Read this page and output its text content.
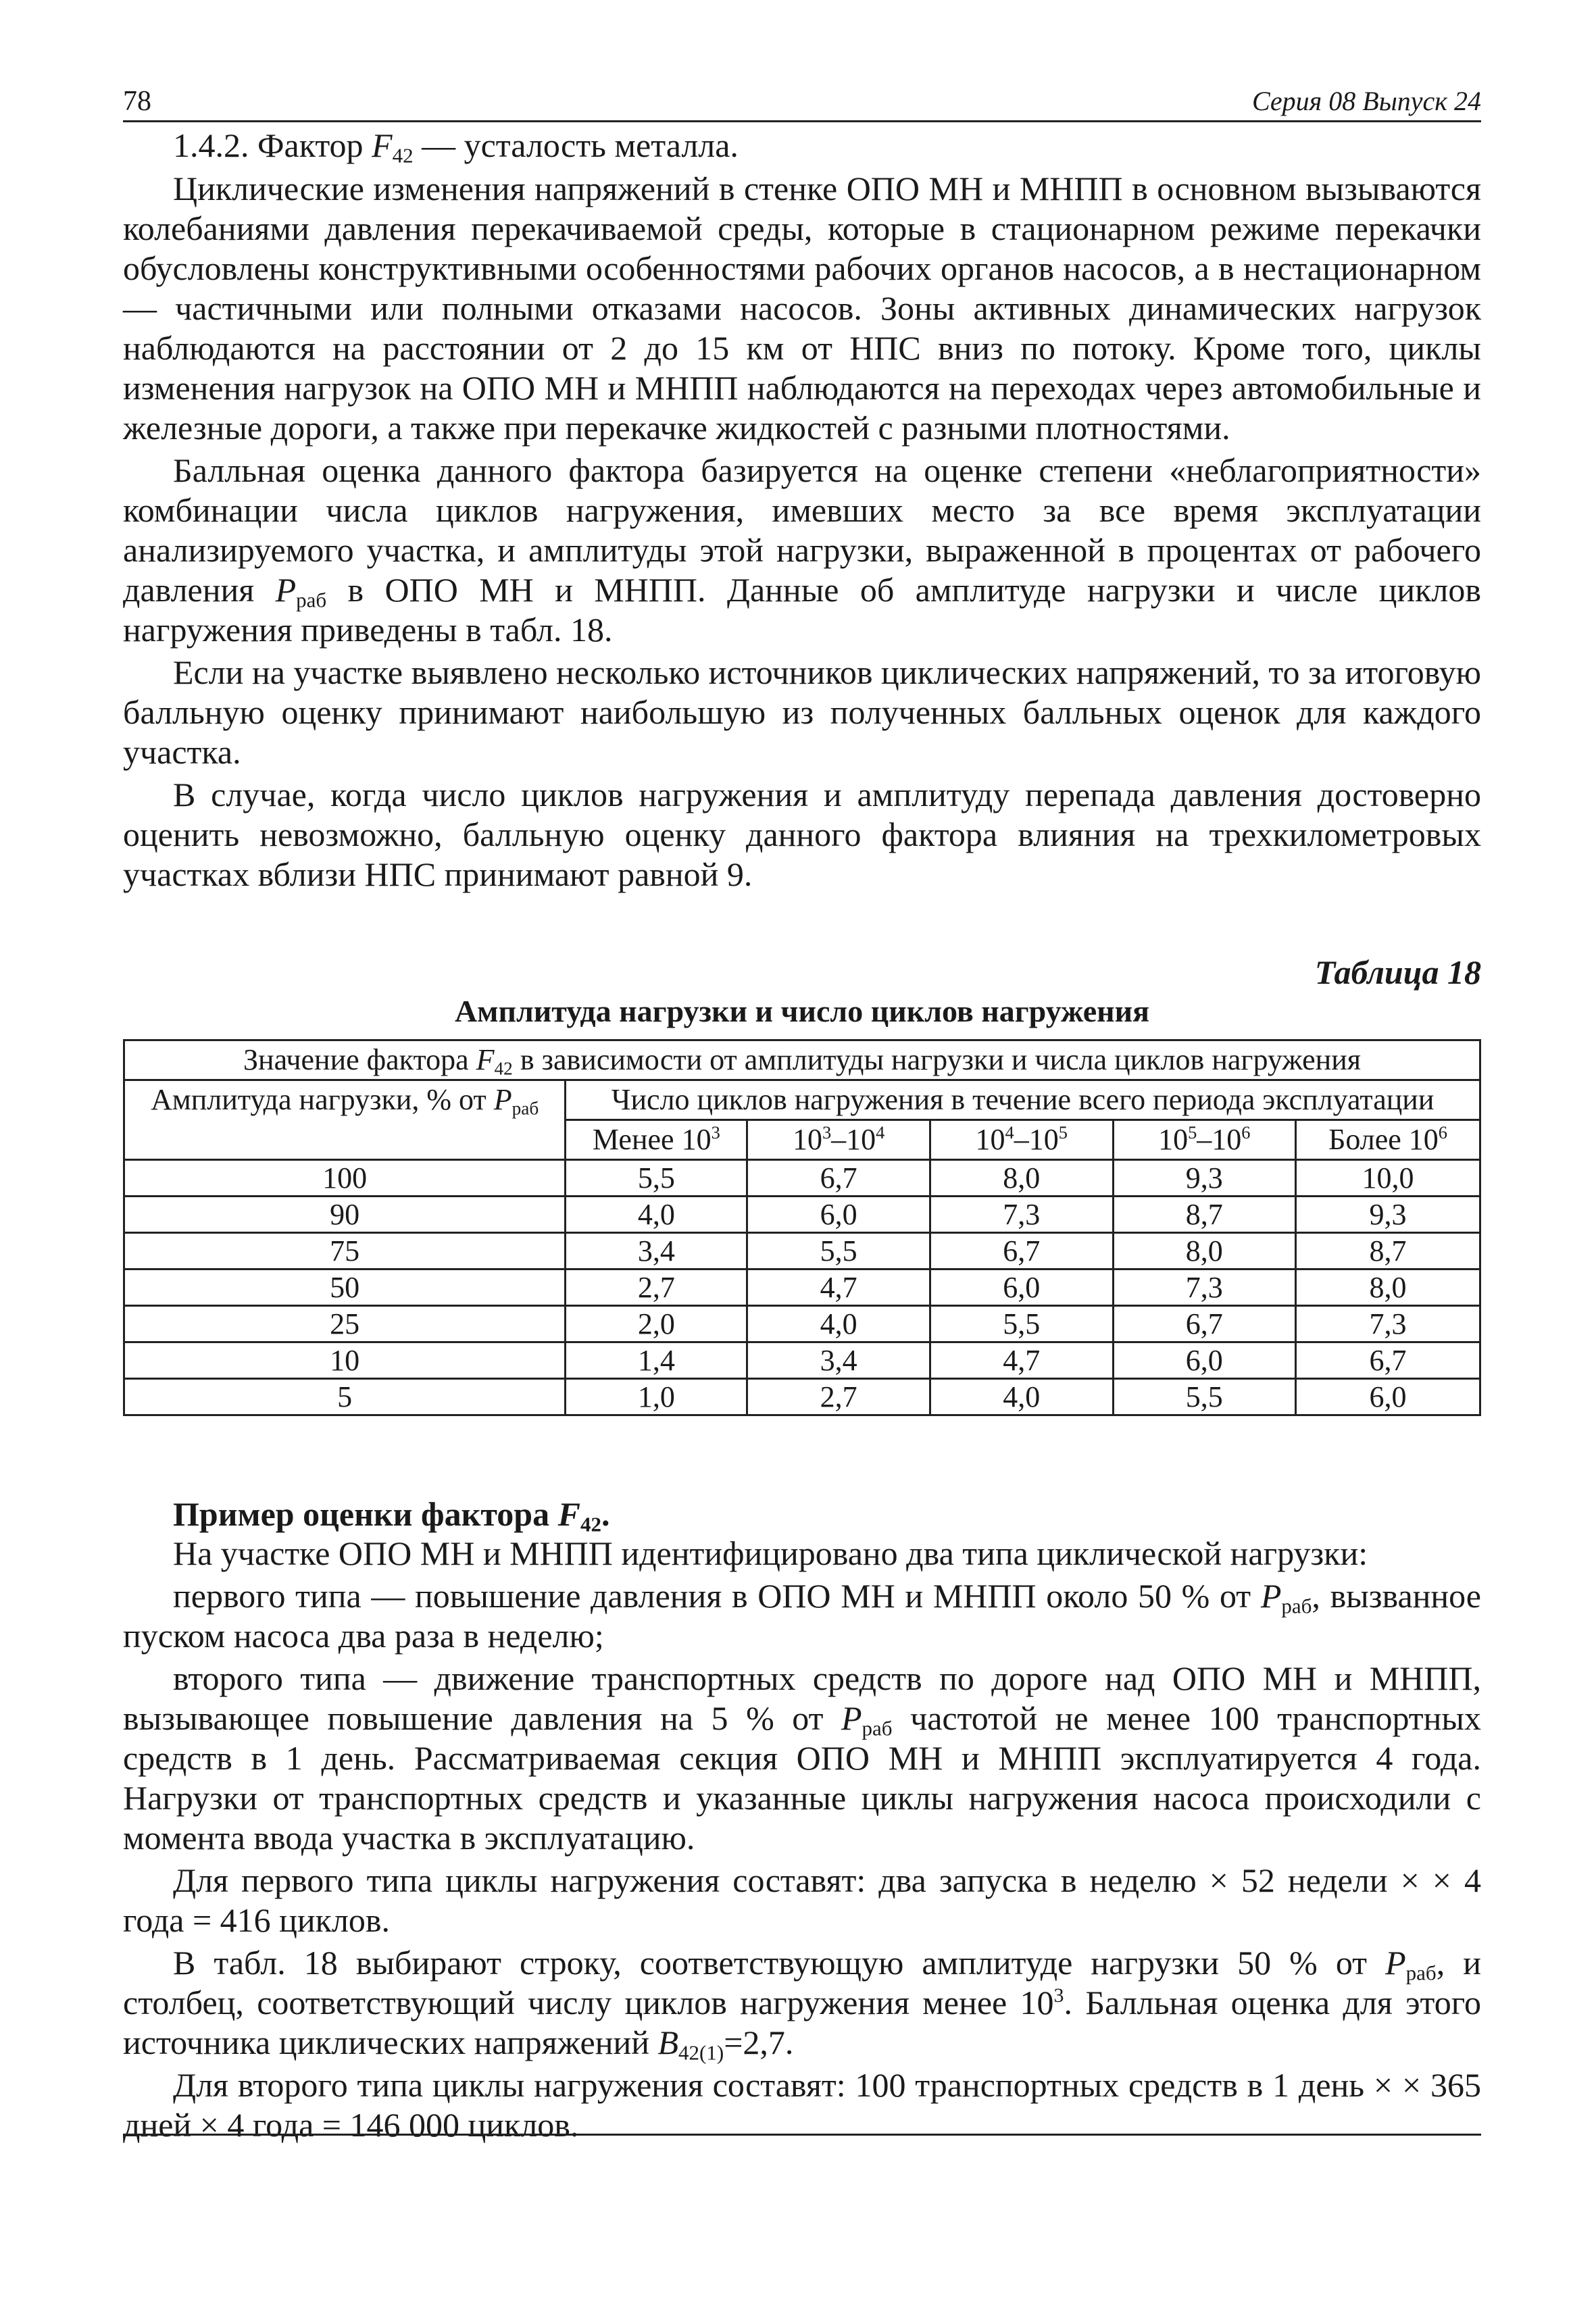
78	Серия 08 Выпуск 24
1.4.2. Фактор $F_{42}$ — усталость металла.

Циклические изменения напряжений в стенке ОПО МН и МНПП в основном вызываются колебаниями давления перекачиваемой среды, которые в стационарном режиме перекачки обусловлены конструктивными особенностями рабочих органов насосов, а в нестационарном — частичными или полными отказами насосов. Зоны активных динамических нагрузок наблюдаются на расстоянии от 2 до 15 км от НПС вниз по потоку. Кроме того, циклы изменения нагрузок на ОПО МН и МНПП наблюдаются на переходах через автомобильные и железные дороги, а также при перекачке жидкостей с разными плотностями.

Балльная оценка данного фактора базируется на оценке степени «неблагоприятности» комбинации числа циклов нагружения, имевших место за все время эксплуатации анализируемого участка, и амплитуды этой нагрузки, выраженной в процентах от рабочего давления $P_{раб}$ в ОПО МН и МНПП. Данные об амплитуде нагрузки и числе циклов нагружения приведены в табл. 18.

Если на участке выявлено несколько источников циклических напряжений, то за итоговую балльную оценку принимают наибольшую из полученных балльных оценок для каждого участка.

В случае, когда число циклов нагружения и амплитуду перепада давления достоверно оценить невозможно, балльную оценку данного фактора влияния на трехкилометровых участках вблизи НПС принимают равной 9.

Таблица 18
Амплитуда нагрузки и число циклов нагружения
Значение фактора $F_{42}$ в зависимости от амплитуды нагрузки и числа циклов нагружения					
Амплитуда нагрузки, % от $P_{раб}$	Число циклов нагружения в течение всего периода эксплуатации				
	Менее $10^3$	$10^3-10^4$	$10^4-10^5$	$10^5-10^6$	Более $10^6$
100	5,5	6,7	8,0	9,3	10,0
90	4,0	6,0	7,3	8,7	9,3
75	3,4	5,5	6,7	8,0	8,7
50	2,7	4,7	6,0	7,3	8,0
25	2,0	4,0	5,5	6,7	7,3
10	1,4	3,4	4,7	6,0	6,7
5	1,0	2,7	4,0	5,5	6,0
Пример оценки фактора $F_{42}$.

На участке ОПО МН и МНПП идентифицировано два типа циклической нагрузки:

первого типа — повышение давления в ОПО МН и МНПП около 50 % от $P_{раб}$, вызванное пуском насоса два раза в неделю;

второго типа — движение транспортных средств по дороге над ОПО МН и МНПП, вызывающее повышение давления на 5 % от $P_{раб}$ частотой не менее 100 транспортных средств в 1 день. Рассматриваемая секция ОПО МН и МНПП эксплуатируется 4 года. Нагрузки от транспортных средств и указанные циклы нагружения насоса происходили с момента ввода участка в эксплуатацию.

Для первого типа циклы нагружения составят: два запуска в неделю × 52 недели × × 4 года = 416 циклов.

В табл. 18 выбирают строку, соответствующую амплитуде нагрузки 50 % от $P_{раб}$, и столбец, соответствующий числу циклов нагружения менее $10^3$. Балльная оценка для этого источника циклических напряжений $B_{42(1)}=2,7$.

Для второго типа циклы нагружения составят: 100 транспортных средств в 1 день × × 365 дней × 4 года = 146 000 циклов.
